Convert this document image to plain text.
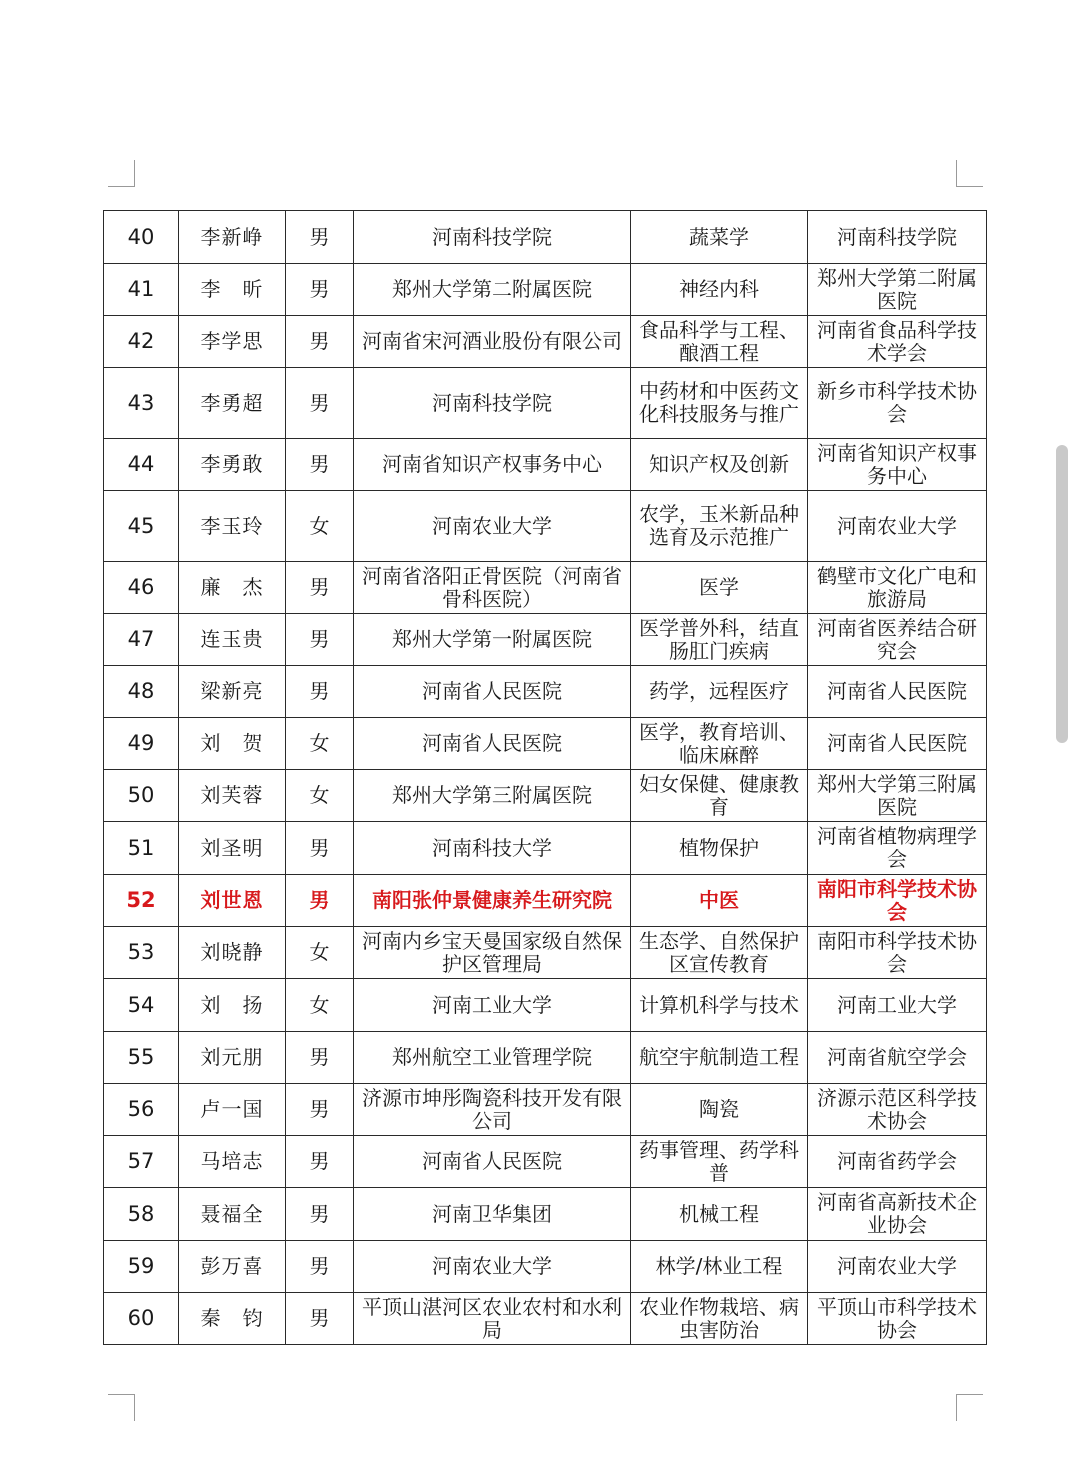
40	李新峥	男	河南科技学院	蔬菜学	河南科技学院
41	李　昕	男	郑州大学第二附属医院	神经内科	郑州大学第二附属医院
42	李学思	男	河南省宋河酒业股份有限公司	食品科学与工程、酿酒工程	河南省食品科学技术学会
43	李勇超	男	河南科技学院	中药材和中医药文化科技服务与推广	新乡市科学技术协会
44	李勇敢	男	河南省知识产权事务中心	知识产权及创新	河南省知识产权事务中心
45	李玉玲	女	河南农业大学	农学，玉米新品种选育及示范推广	河南农业大学
46	廉　杰	男	河南省洛阳正骨医院（河南省骨科医院）	医学	鹤壁市文化广电和旅游局
47	连玉贵	男	郑州大学第一附属医院	医学普外科，结直肠肛门疾病	河南省医养结合研究会
48	梁新亮	男	河南省人民医院	药学，远程医疗	河南省人民医院
49	刘　贺	女	河南省人民医院	医学，教育培训、临床麻醉	河南省人民医院
50	刘芙蓉	女	郑州大学第三附属医院	妇女保健、健康教育	郑州大学第三附属医院
51	刘圣明	男	河南科技大学	植物保护	河南省植物病理学会
52	刘世恩	男	南阳张仲景健康养生研究院	中医	南阳市科学技术协会
53	刘晓静	女	河南内乡宝天曼国家级自然保护区管理局	生态学、自然保护区宣传教育	南阳市科学技术协会
54	刘　扬	女	河南工业大学	计算机科学与技术	河南工业大学
55	刘元朋	男	郑州航空工业管理学院	航空宇航制造工程	河南省航空学会
56	卢一国	男	济源市坤彤陶瓷科技开发有限公司	陶瓷	济源示范区科学技术协会
57	马培志	男	河南省人民医院	药事管理、药学科普	河南省药学会
58	聂福全	男	河南卫华集团	机械工程	河南省高新技术企业协会
59	彭万喜	男	河南农业大学	林学/林业工程	河南农业大学
60	秦　钧	男	平顶山湛河区农业农村和水利局	农业作物栽培、病虫害防治	平顶山市科学技术协会
